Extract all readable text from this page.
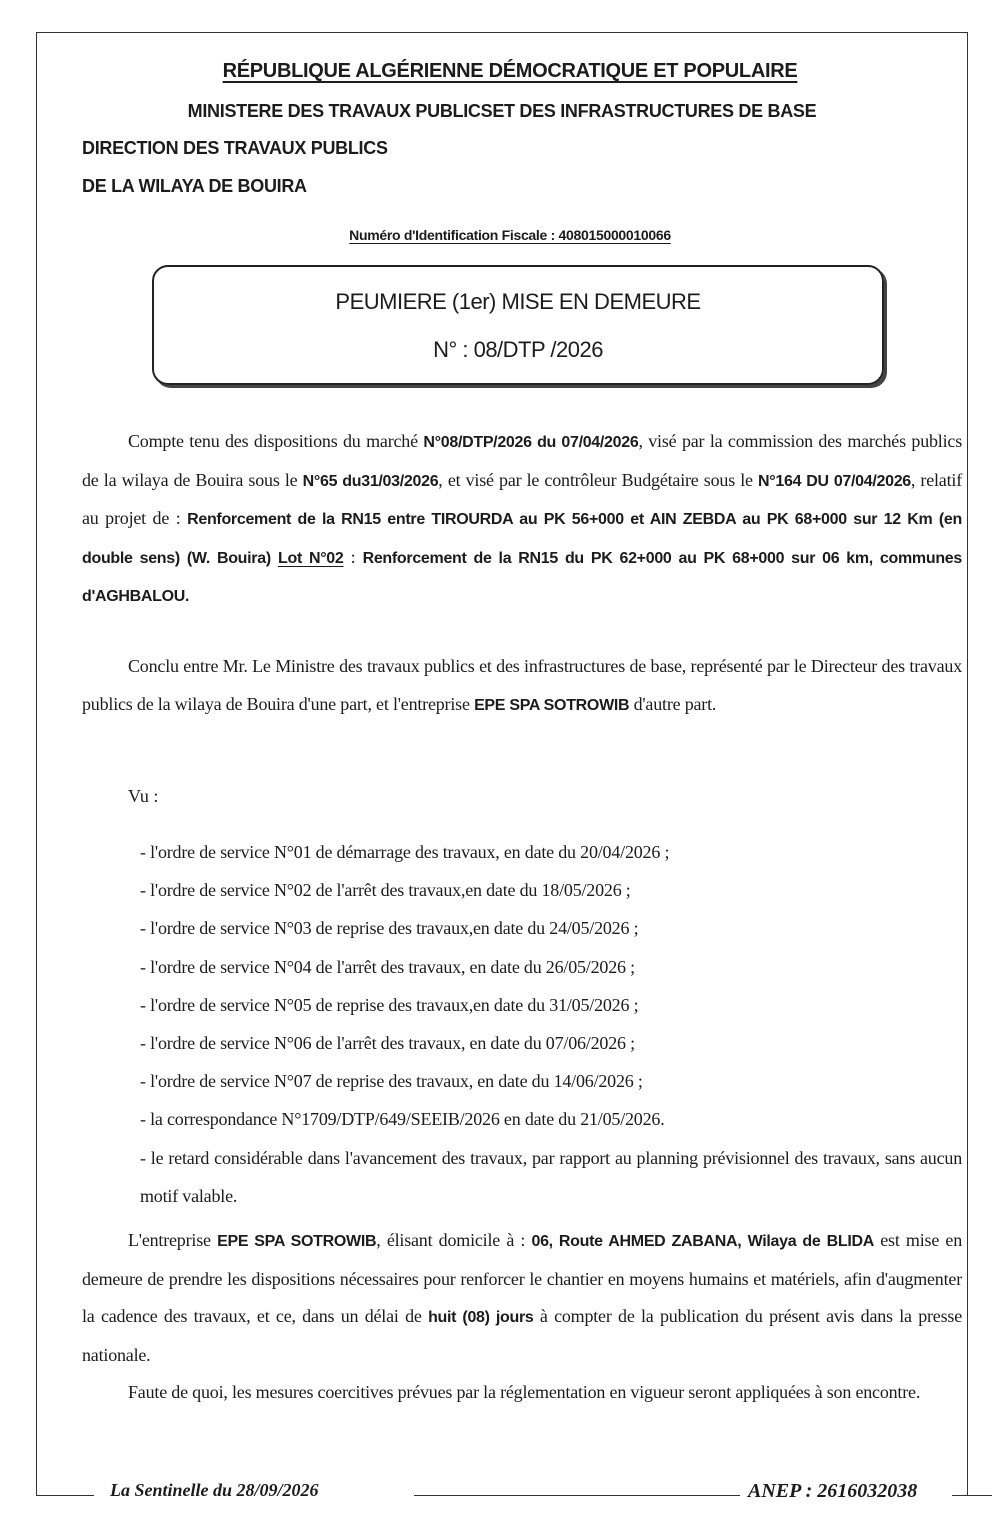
RÉPUBLIQUE ALGÉRIENNE DÉMOCRATIQUE ET POPULAIRE
MINISTERE DES TRAVAUX PUBLICSET DES INFRASTRUCTURES DE BASE
DIRECTION DES TRAVAUX PUBLICS
DE LA WILAYA DE BOUIRA
Numéro d'Identification Fiscale : 408015000010066
PEUMIERE (1er) MISE EN DEMEURE
N° : 08/DTP /2026
Compte tenu des dispositions du marché N°08/DTP/2026 du 07/04/2026, visé par la commission des marchés publics de la wilaya de Bouira sous le N°65 du31/03/2026, et visé par le contrôleur Budgétaire sous le N°164 DU 07/04/2026, relatif au projet de : Renforcement de la RN15 entre TIROURDA au PK 56+000 et AIN ZEBDA au PK 68+000 sur 12 Km (en double sens) (W. Bouira) Lot N°02 : Renforcement de la RN15 du PK 62+000 au PK 68+000 sur 06 km, communes d'AGHBALOU.
Conclu entre Mr. Le Ministre des travaux publics et des infrastructures de base, représenté par le Directeur des travaux publics de la wilaya de Bouira d'une part, et l'entreprise EPE SPA SOTROWIB d'autre part.
Vu :
- l'ordre de service N°01 de démarrage des travaux, en date du 20/04/2026 ;
- l'ordre de service N°02 de l'arrêt des travaux,en date du 18/05/2026 ;
- l'ordre de service N°03 de reprise des travaux,en date du 24/05/2026 ;
- l'ordre de service N°04 de l'arrêt des travaux, en date du 26/05/2026 ;
- l'ordre de service N°05 de reprise des travaux,en date du 31/05/2026 ;
- l'ordre de service N°06 de l'arrêt des travaux, en date du 07/06/2026 ;
- l'ordre de service N°07 de reprise des travaux, en date du 14/06/2026 ;
- la correspondance N°1709/DTP/649/SEEIB/2026 en date du 21/05/2026.
- le retard considérable dans l'avancement des travaux, par rapport au planning prévisionnel des travaux, sans aucun motif valable.
L'entreprise EPE SPA SOTROWIB, élisant domicile à : 06, Route AHMED ZABANA, Wilaya de BLIDA est mise en demeure de prendre les dispositions nécessaires pour renforcer le chantier en moyens humains et matériels, afin d'augmenter la cadence des travaux, et ce, dans un délai de huit (08) jours à compter de la publication du présent avis dans la presse nationale.
Faute de quoi, les mesures coercitives prévues par la réglementation en vigueur seront appliquées à son encontre.
La Sentinelle du 28/09/2026	ANEP : 2616032038
